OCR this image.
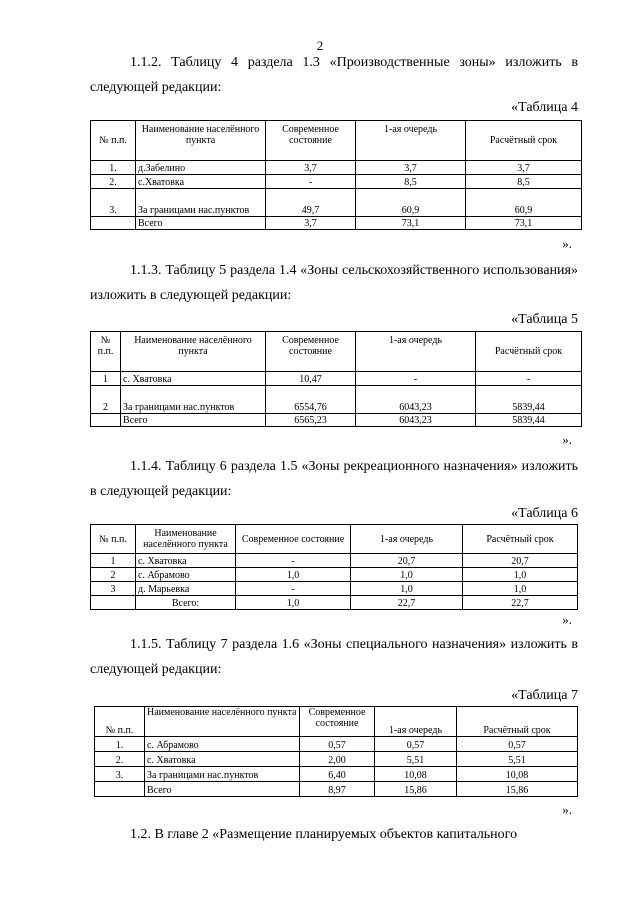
2
1.1.2. Таблицу 4 раздела 1.3 «Производственные зоны» изложить в следующей редакции:
«Таблица 4
№ п.п.	Наименование населённого пункта	Современное состояние	1-ая очередь	Расчётный срок
1.	д.Забелино	3,7	3,7	3,7
2.	с.Хватовка	-	8,5	8,5
3.	За границами нас.пунктов	49,7	60,9	60,9
	Всего	3,7	73,1	73,1
».
1.1.3. Таблицу 5 раздела 1.4 «Зоны сельскохозяйственного использования» изложить в следующей редакции:
«Таблица 5
№ п.п.	Наименование населённого пункта	Современное состояние	1-ая очередь	Расчётный срок
1	с. Хватовка	10,47	-	-
2	За границами нас.пунктов	6554,76	6043,23	5839,44
	Всего	6565,23	6043,23	5839,44
».
1.1.4. Таблицу 6 раздела 1.5 «Зоны рекреационного назначения» изложить в следующей редакции:
«Таблица 6
№ п.п.	Наименование населённого пункта	Современное состояние	1-ая очередь	Расчётный срок
1	с. Хватовка	-	20,7	20,7
2	с. Абрамово	1,0	1,0	1,0
3	д. Марьевка	-	1,0	1,0
	Всего:	1,0	22,7	22,7
».
1.1.5. Таблицу 7 раздела 1.6 «Зоны специального назначения» изложить в следующей редакции:
«Таблица 7
№ п.п.	Наименование населённого пункта	Современное состояние	1-ая очередь	Расчётный срок
1.	с. Абрамово	0,57	0,57	0,57
2.	с. Хватовка	2,00	5,51	5,51
3.	За границами нас.пунктов	6,40	10,08	10,08
	Всего	8,97	15,86	15,86
».
1.2. В главе 2 «Размещение планируемых объектов капитального
